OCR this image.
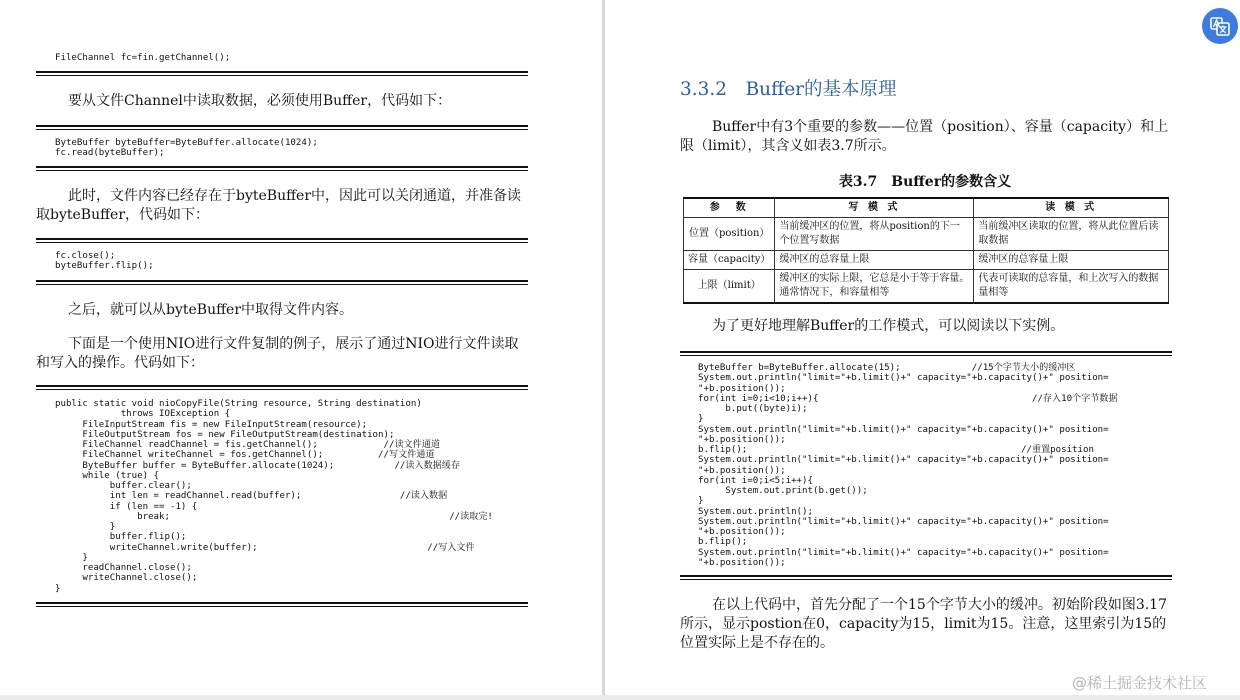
FileChannel fc=fin.getChannel();
要从文件Channel中读取数据，必须使用Buffer，代码如下：
ByteBuffer byteBuffer=ByteBuffer.allocate(1024);
fc.read(byteBuffer);
此时，文件内容已经存在于byteBuffer中，因此可以关闭通道，并准备读取byteBuffer，代码如下：
fc.close();
byteBuffer.flip();
之后，就可以从byteBuffer中取得文件内容。
下面是一个使用NIO进行文件复制的例子，展示了通过NIO进行文件读取和写入的操作。代码如下：
public static void nioCopyFile(String resource, String destination)
throws IOException {
FileInputStream fis = new FileInputStream(resource);
FileOutputStream fos = new FileOutputStream(destination);
FileChannel readChannel = fis.getChannel();            //读文件通道
FileChannel writeChannel = fos.getChannel();          //写文件通道
ByteBuffer buffer = ByteBuffer.allocate(1024);           //读入数据缓存
while (true) {
buffer.clear();
int len = readChannel.read(buffer);                  //读入数据
if (len == -1) {
break;                                                   //读取完!
}
buffer.flip();
writeChannel.write(buffer);                               //写入文件
}
readChannel.close();
writeChannel.close();
}
3.3.2　Buffer的基本原理
Buffer中有3个重要的参数——位置（position）、容量（capacity）和上限（limit），其含义如表3.7所示。
表3.7　Buffer的参数含义
参　数	写 模 式	读 模 式
位置（position）	当前缓冲区的位置，将从position的下一个位置写数据	当前缓冲区读取的位置，将从此位置后读取数据
容量（capacity）	缓冲区的总容量上限	缓冲区的总容量上限
上限（limit）	缓冲区的实际上限，它总是小于等于容量。通常情况下，和容量相等	代表可读取的总容量，和上次写入的数据量相等
为了更好地理解Buffer的工作模式，可以阅读以下实例。
ByteBuffer b=ByteBuffer.allocate(15);             //15个字节大小的缓冲区
System.out.println("limit="+b.limit()+" capacity="+b.capacity()+" position=
"+b.position());
for(int i=0;i<10;i++){                                       //存入10个字节数据
b.put((byte)i);
}
System.out.println("limit="+b.limit()+" capacity="+b.capacity()+" position=
"+b.position());
b.flip();                                                  //重置position
System.out.println("limit="+b.limit()+" capacity="+b.capacity()+" position=
"+b.position());
for(int i=0;i<5;i++){
System.out.print(b.get());
}
System.out.println();
System.out.println("limit="+b.limit()+" capacity="+b.capacity()+" position=
"+b.position());
b.flip();
System.out.println("limit="+b.limit()+" capacity="+b.capacity()+" position=
"+b.position());
在以上代码中，首先分配了一个15个字节大小的缓冲。初始阶段如图3.17所示，显示postion在0，capacity为15，limit为15。注意，这里索引为15的位置实际上是不存在的。
@稀土掘金技术社区
